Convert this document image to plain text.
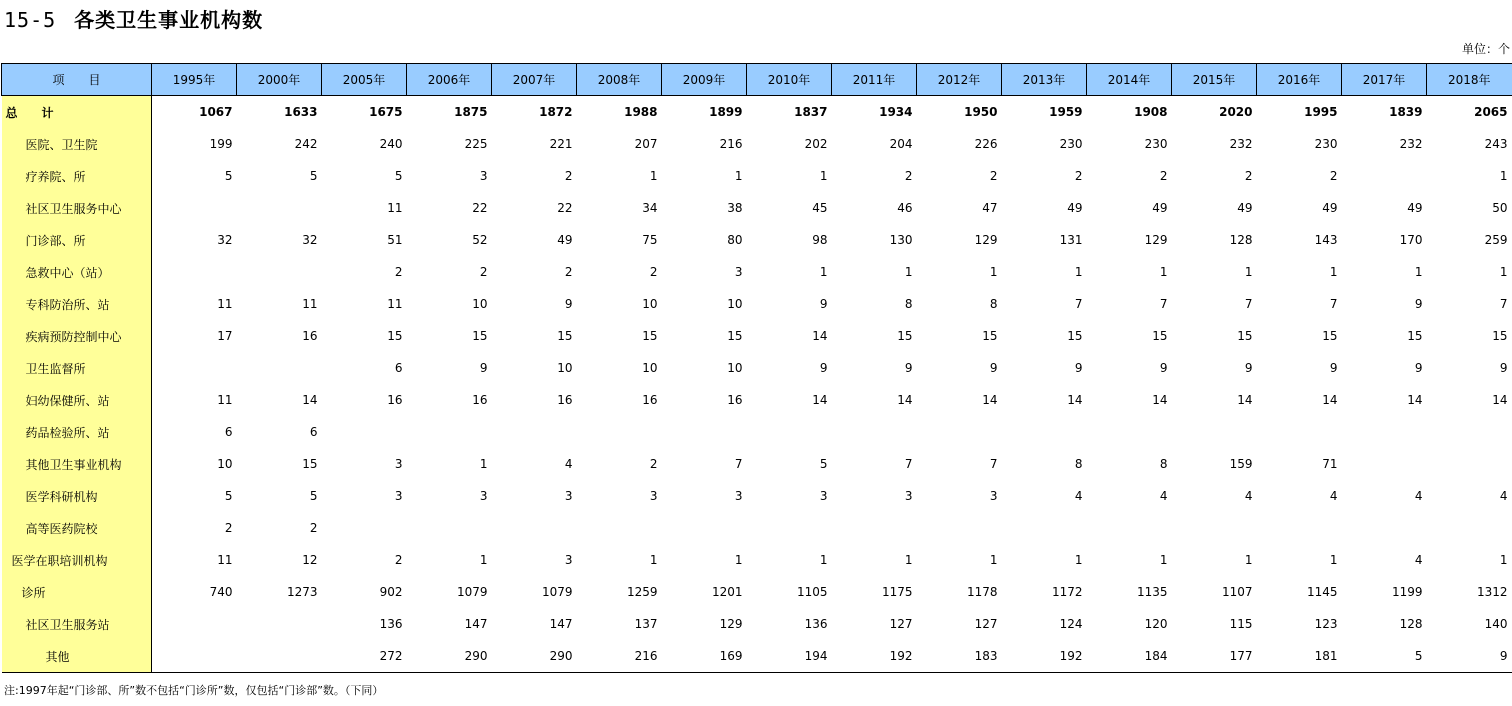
15-5 各类卫生事业机构数
单位：个
项　　目	1995年	2000年	2005年	2006年	2007年	2008年	2009年	2010年	2011年	2012年	2013年	2014年	2015年	2016年	2017年	2018年
总　　计	1067	1633	1675	1875	1872	1988	1899	1837	1934	1950	1959	1908	2020	1995	1839	2065
医院、卫生院	199	242	240	225	221	207	216	202	204	226	230	230	232	230	232	243
疗养院、所	5	5	5	3	2	1	1	1	2	2	2	2	2	2		1
社区卫生服务中心			11	22	22	34	38	45	46	47	49	49	49	49	49	50
门诊部、所	32	32	51	52	49	75	80	98	130	129	131	129	128	143	170	259
急救中心（站）			2	2	2	2	3	1	1	1	1	1	1	1	1	1
专科防治所、站	11	11	11	10	9	10	10	9	8	8	7	7	7	7	9	7
疾病预防控制中心	17	16	15	15	15	15	15	14	15	15	15	15	15	15	15	15
卫生监督所			6	9	10	10	10	9	9	9	9	9	9	9	9	9
妇幼保健所、站	11	14	16	16	16	16	16	14	14	14	14	14	14	14	14	14
药品检验所、站	6	6														
其他卫生事业机构	10	15	3	1	4	2	7	5	7	7	8	8	159	71		
医学科研机构	5	5	3	3	3	3	3	3	3	3	4	4	4	4	4	4
高等医药院校	2	2														
医学在职培训机构	11	12	2	1	3	1	1	1	1	1	1	1	1	1	4	1
诊所	740	1273	902	1079	1079	1259	1201	1105	1175	1178	1172	1135	1107	1145	1199	1312
社区卫生服务站			136	147	147	137	129	136	127	127	124	120	115	123	128	140
其他			272	290	290	216	169	194	192	183	192	184	177	181	5	9
注:1997年起“门诊部、所”数不包括“门诊所”数，仅包括“门诊部”数。（下同）
